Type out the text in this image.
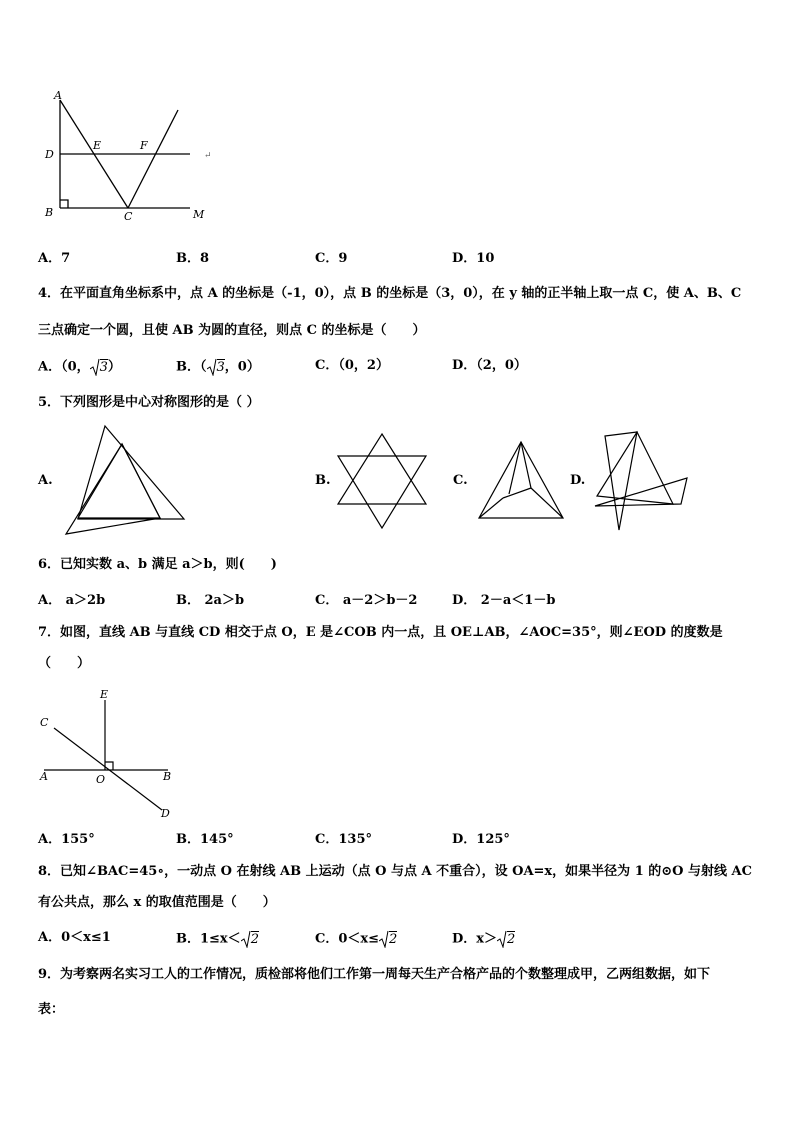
A
D
E	F
B	C	M
↵
A．7	B．8	C．9	D．10
4．在平面直角坐标系中，点 A 的坐标是（-1，0），点 B 的坐标是（3，0），在 y 轴的正半轴上取一点 C，使 A、B、C
三点确定一个圆，且使 AB 为圆的直径，则点 C 的坐标是（　　）
A．（0， 3）	B．（ 3，0）	C．（0，2）	D．（2，0）
5．下列图形是中心对称图形的是（ ）
A.	B.	C.	D.
6．已知实数 a、b 满足 a＞b，则(　　)
A． a＞2b	B． 2a＞b	C． a－2＞b－2	D． 2－a＜1－b
7．如图，直线 AB 与直线 CD 相交于点 O，E 是∠COB 内一点，且 OE⊥AB，∠AOC=35°，则∠EOD 的度数是
（　　）
E
C
A	O	B
D
A．155°	B．145°	C．135°	D．125°
8．已知∠BAC=45∘，一动点 O 在射线 AB 上运动（点 O 与点 A 不重合），设 OA=x，如果半径为 1 的⊙O 与射线 AC
有公共点，那么 x 的取值范围是（　　）
A．0＜x≤1	B．1≤x＜ 2	C．0＜x≤ 2	D．x＞ 2
9．为考察两名实习工人的工作情况，质检部将他们工作第一周每天生产合格产品的个数整理成甲，乙两组数据，如下
表：
